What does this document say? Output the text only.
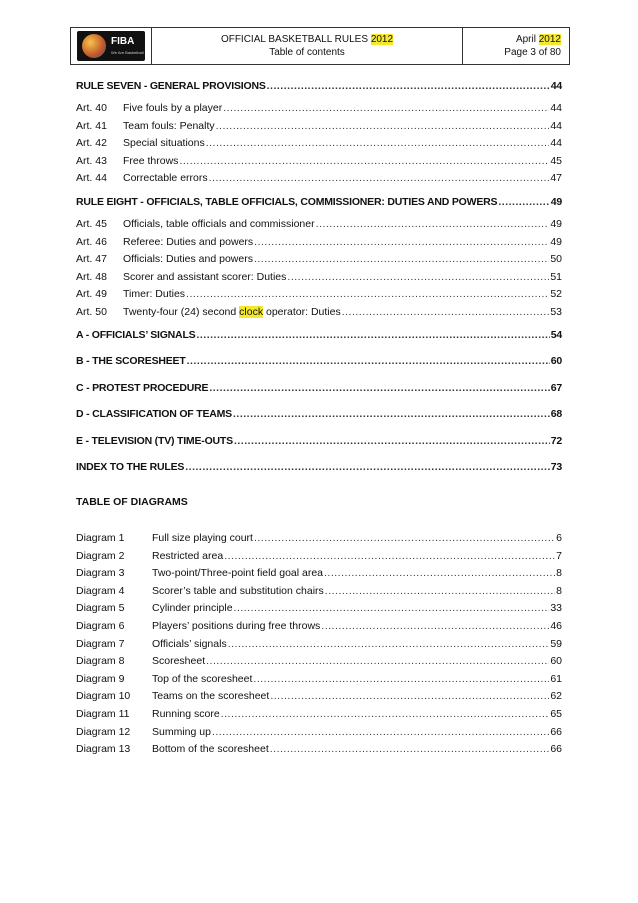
FIBA
We Are Basketball
OFFICIAL BASKETBALL RULES 2012
Table of contents
April 2012
Page 3 of 80
RULE SEVEN - GENERAL PROVISIONS .....	44
Art. 40	Five fouls by a player .....	44
Art. 41	Team fouls: Penalty .....	44
Art. 42	Special situations .....	44
Art. 43	Free throws .....	45
Art. 44	Correctable errors .....	47
RULE EIGHT - OFFICIALS, TABLE OFFICIALS, COMMISSIONER: DUTIES AND POWERS .....	49
Art. 45	Officials, table officials and commissioner .....	49
Art. 46	Referee: Duties and powers .....	49
Art. 47	Officials: Duties and powers .....	50
Art. 48	Scorer and assistant scorer: Duties .....	51
Art. 49	Timer: Duties .....	52
Art. 50	Twenty-four (24) second clock operator: Duties .....	53
A - OFFICIALS’ SIGNALS .....	54
B - THE SCORESHEET .....	60
C - PROTEST PROCEDURE .....	67
D - CLASSIFICATION OF TEAMS .....	68
E - TELEVISION (TV) TIME-OUTS .....	72
INDEX TO THE RULES .....	73
TABLE OF DIAGRAMS
Diagram 1	Full size playing court .....	6
Diagram 2	Restricted area .....	7
Diagram 3	Two-point/Three-point field goal area .....	8
Diagram 4	Scorer’s table and substitution chairs .....	8
Diagram 5	Cylinder principle .....	33
Diagram 6	Players’ positions during free throws .....	46
Diagram 7	Officials’ signals .....	59
Diagram 8	Scoresheet .....	60
Diagram 9	Top of the scoresheet .....	61
Diagram 10	Teams on the scoresheet .....	62
Diagram 11	Running score .....	65
Diagram 12	Summing up .....	66
Diagram 13	Bottom of the scoresheet .....	66
